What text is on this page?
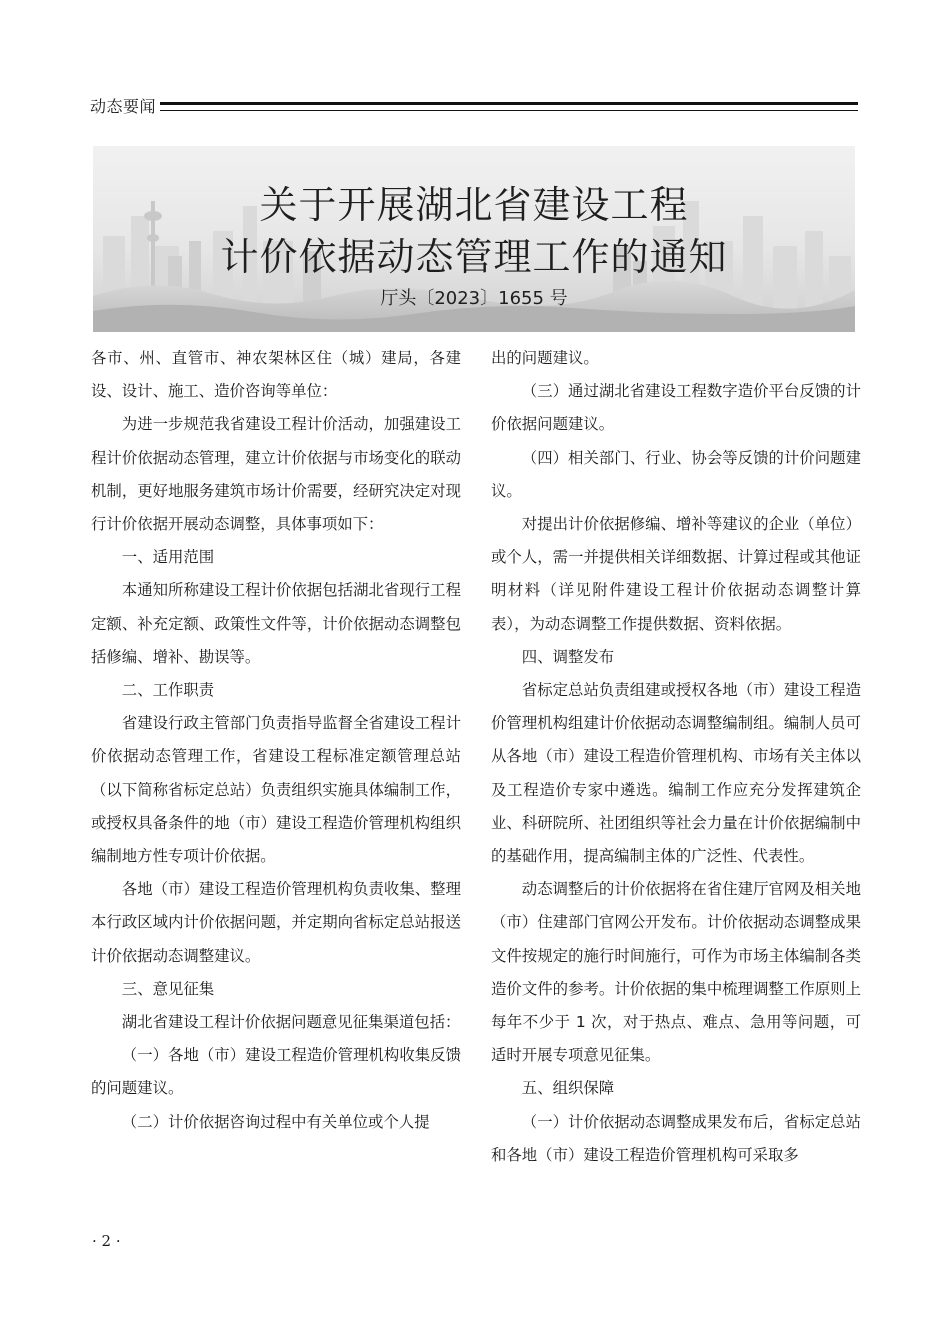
动态要闻
关于开展湖北省建设工程
计价依据动态管理工作的通知
厅头〔2023〕1655 号

各市、州、直管市、神农架林区住（城）建局，各建设、设计、施工、造价咨询等单位：

为进一步规范我省建设工程计价活动，加强建设工程计价依据动态管理，建立计价依据与市场变化的联动机制，更好地服务建筑市场计价需要，经研究决定对现行计价依据开展动态调整，具体事项如下：

一、适用范围

本通知所称建设工程计价依据包括湖北省现行工程定额、补充定额、政策性文件等，计价依据动态调整包括修编、增补、勘误等。

二、工作职责

省建设行政主管部门负责指导监督全省建设工程计价依据动态管理工作，省建设工程标准定额管理总站（以下简称省标定总站）负责组织实施具体编制工作，或授权具备条件的地（市）建设工程造价管理机构组织编制地方性专项计价依据。

各地（市）建设工程造价管理机构负责收集、整理本行政区域内计价依据问题，并定期向省标定总站报送计价依据动态调整建议。

三、意见征集

湖北省建设工程计价依据问题意见征集渠道包括：

（一）各地（市）建设工程造价管理机构收集反馈的问题建议。

（二）计价依据咨询过程中有关单位或个人提

出的问题建议。

（三）通过湖北省建设工程数字造价平台反馈的计价依据问题建议。

（四）相关部门、行业、协会等反馈的计价问题建议。

对提出计价依据修编、增补等建议的企业（单位）或个人，需一并提供相关详细数据、计算过程或其他证明材料（详见附件建设工程计价依据动态调整计算表），为动态调整工作提供数据、资料依据。

四、调整发布

省标定总站负责组建或授权各地（市）建设工程造价管理机构组建计价依据动态调整编制组。编制人员可从各地（市）建设工程造价管理机构、市场有关主体以及工程造价专家中遴选。编制工作应充分发挥建筑企业、科研院所、社团组织等社会力量在计价依据编制中的基础作用，提高编制主体的广泛性、代表性。

动态调整后的计价依据将在省住建厅官网及相关地（市）住建部门官网公开发布。计价依据动态调整成果文件按规定的施行时间施行，可作为市场主体编制各类造价文件的参考。计价依据的集中梳理调整工作原则上每年不少于 1 次，对于热点、难点、急用等问题，可适时开展专项意见征集。

五、组织保障

（一）计价依据动态调整成果发布后，省标定总站和各地（市）建设工程造价管理机构可采取多

· 2 ·
